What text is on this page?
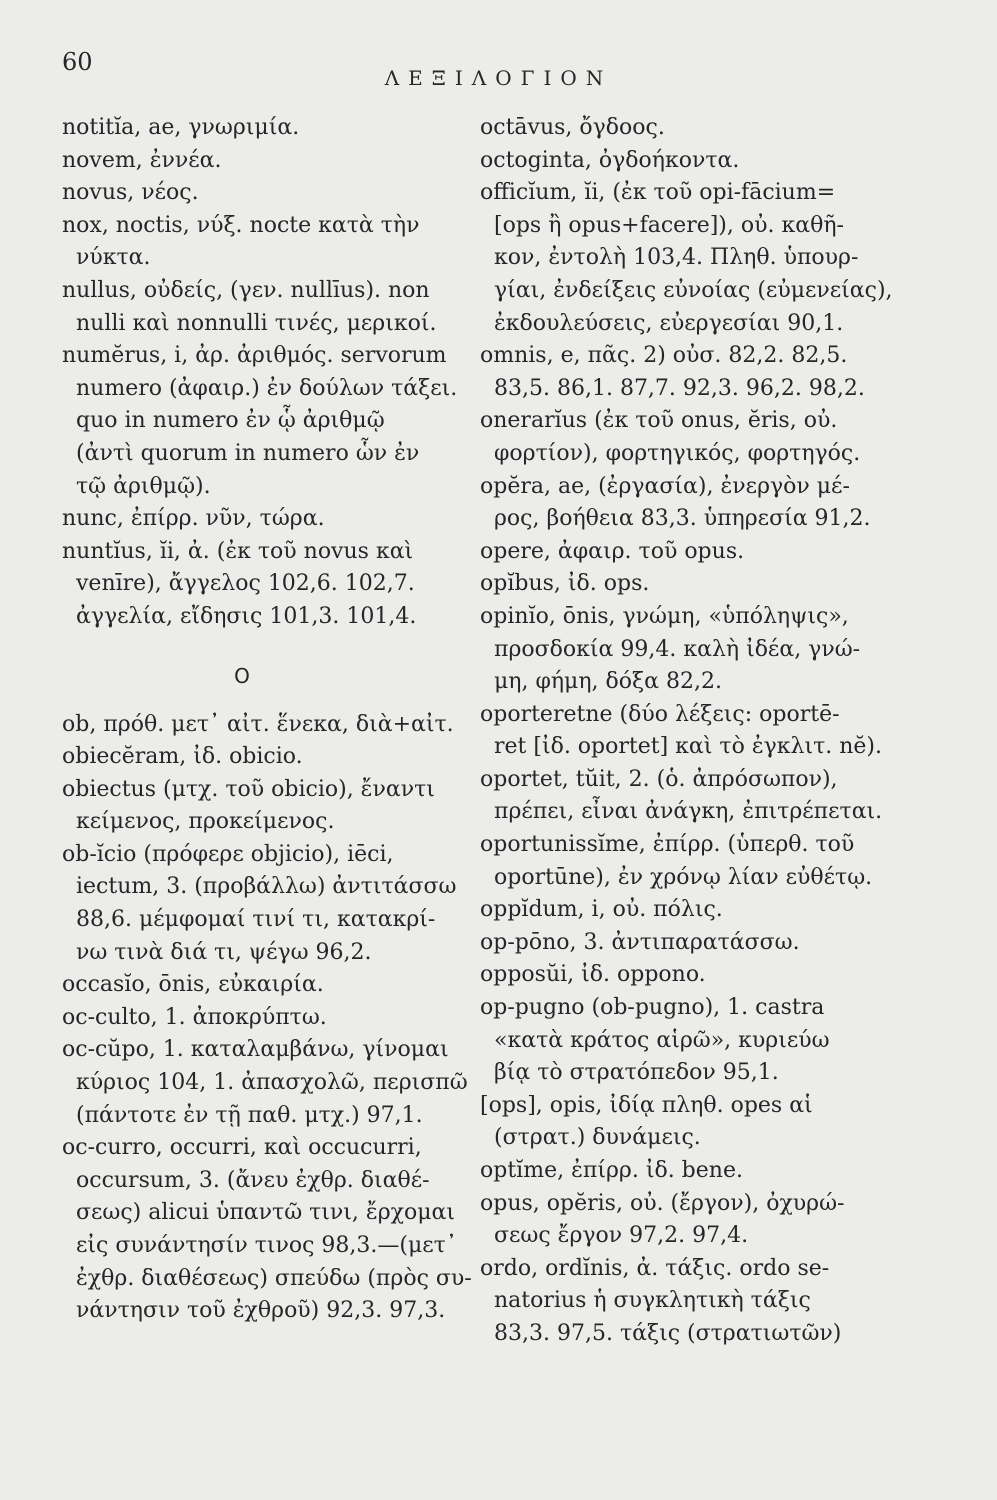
60
ΛΕΞΙΛΟΓΙΟΝ
notitĭa, ae, γνωριμία.
novem, ἐννέα.
novus, νέος.
nox, noctis, νύξ. nocte κατὰ τὴν
νύκτα.
nullus, οὐδείς, (γεν. nullīus). non
nulli καὶ nonnulli τινές, μερικοί.
numĕrus, i, ἀρ. ἀριθμός. servorum
numero (ἀφαιρ.) ἐν δούλων τάξει.
quo in numero ἐν ᾧ ἀριθμῷ
(ἀντὶ quorum in numero ὧν ἐν
τῷ ἀριθμῷ).
nunc, ἐπίρρ. νῦν, τώρα.
nuntĭus, ĭi, ἀ. (ἐκ τοῦ novus καὶ
venīre), ἄγγελος 102,6. 102,7.
ἀγγελία, εἴδησις 101,3. 101,4.
O
ob, πρόθ. μετ᾿ αἰτ. ἕνεκα, διὰ+αἰτ.
obiecĕram, ἰδ. obicio.
obiectus (μτχ. τοῦ obicio), ἔναντι
κείμενος, προκείμενος.
ob-ĭcio (πρόφερε objicio), iēci,
iectum, 3. (προβάλλω) ἀντιτάσσω
88,6. μέμφομαί τινί τι, κατακρί-
νω τινὰ διά τι, ψέγω 96,2.
occasĭo, ōnis, εὐκαιρία.
oc-culto, 1. ἀποκρύπτω.
oc-cŭpo, 1. καταλαμβάνω, γίνομαι
κύριος 104, 1. ἀπασχολῶ, περισπῶ
(πάντοτε ἐν τῇ παθ. μτχ.) 97,1.
oc-curro, occurri, καὶ occucurri,
occursum, 3. (ἄνευ ἐχθρ. διαθέ-
σεως) alicui ὑπαντῶ τινι, ἔρχομαι
εἰς συνάντησίν τινος 98,3.—(μετ᾿
ἐχθρ. διαθέσεως) σπεύδω (πρὸς συ-
νάντησιν τοῦ ἐχθροῦ) 92,3. 97,3.
octāvus, ὄγδοος.
octoginta, ὀγδοήκοντα.
officĭum, ĭi, (ἐκ τοῦ opi-fācium=
[ops ἢ opus+facere]), οὐ. καθῆ-
κον, ἐντολὴ 103,4. Πληθ. ὑπουρ-
γίαι, ἐνδείξεις εὐνοίας (εὐμενείας),
ἐκδουλεύσεις, εὐεργεσίαι 90,1.
omnis, e, πᾶς. 2) οὐσ. 82,2. 82,5.
83,5. 86,1. 87,7. 92,3. 96,2. 98,2.
onerarĭus (ἐκ τοῦ onus, ĕris, οὐ.
φορτίον), φορτηγικός, φορτηγός.
opĕra, ae, (ἐργασία), ἐνεργὸν μέ-
ρος, βοήθεια 83,3. ὑπηρεσία 91,2.
opere, ἀφαιρ. τοῦ opus.
opĭbus, ἰδ. ops.
opinĭo, ōnis, γνώμη, «ὑπόληψις»,
προσδοκία 99,4. καλὴ ἰδέα, γνώ-
μη, φήμη, δόξα 82,2.
oporteretne (δύο λέξεις: oportē-
ret [ἰδ. oportet] καὶ τὸ ἐγκλιτ. nĕ).
oportet, tŭit, 2. (ὁ. ἀπρόσωπον),
πρέπει, εἶναι ἀνάγκη, ἐπιτρέπεται.
oportunissĭme, ἐπίρρ. (ὑπερθ. τοῦ
oportūne), ἐν χρόνῳ λίαν εὐθέτῳ.
oppĭdum, i, οὐ. πόλις.
op-pōno, 3. ἀντιπαρατάσσω.
opposŭi, ἰδ. oppono.
op-pugno (ob-pugno), 1. castra
«κατὰ κράτος αἱρῶ», κυριεύω
βίᾳ τὸ στρατόπεδον 95,1.
[ops], opis, ἰδίᾳ πληθ. opes αἱ
(στρατ.) δυνάμεις.
optĭme, ἐπίρρ. ἰδ. bene.
opus, opĕris, οὐ. (ἔργον), ὀχυρώ-
σεως ἔργον 97,2. 97,4.
ordo, ordĭnis, ἀ. τάξις. ordo se-
natorius ἡ συγκλητικὴ τάξις
83,3. 97,5. τάξις (στρατιωτῶν)
